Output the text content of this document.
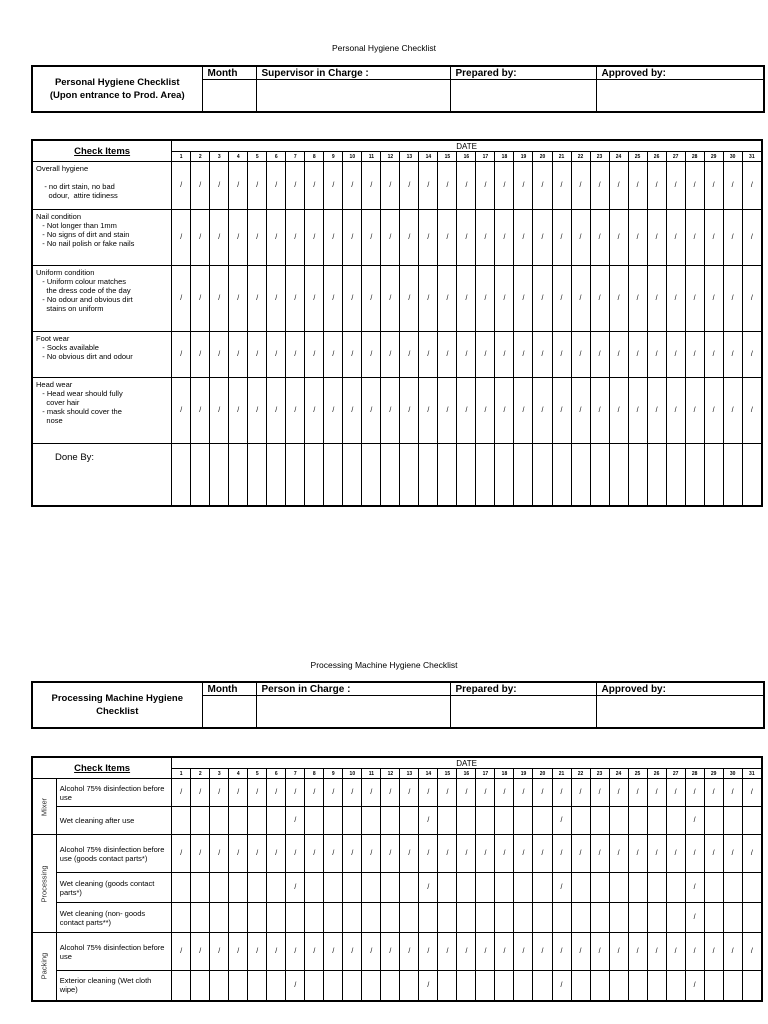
Personal Hygiene Checklist
Personal Hygiene Checklist
(Upon entrance to Prod. Area)	Month	Supervisor in Charge :	Prepared by:	Approved by:

Check Items	DATE																														
	1	2	3	4	5	6	7	8	9	10	11	12	13	14	15	16	17	18	19	20	21	22	23	24	25	26	27	28	29	30	31

Overall hygiene
- no dirt stain, no bad
odour,  attire tidiness	/	/	/	/	/	/	/	/	/	/	/	/	/	/	/	/	/	/	/	/	/	/	/	/	/	/	/	/	/	/	/

Nail condition
- Not longer than 1mm
- No signs of dirt and stain
- No nail polish or fake nails	/	/	/	/	/	/	/	/	/	/	/	/	/	/	/	/	/	/	/	/	/	/	/	/	/	/	/	/	/	/	/

Uniform condition
- Uniform colour matches
the dress code of the day
- No odour and obvious dirt
stains on uniform	/	/	/	/	/	/	/	/	/	/	/	/	/	/	/	/	/	/	/	/	/	/	/	/	/	/	/	/	/	/	/

Foot wear
- Socks available
- No obvious dirt and odour	/	/	/	/	/	/	/	/	/	/	/	/	/	/	/	/	/	/	/	/	/	/	/	/	/	/	/	/	/	/	/

Head wear
- Head wear should fully
cover hair
- mask should cover the
nose	/	/	/	/	/	/	/	/	/	/	/	/	/	/	/	/	/	/	/	/	/	/	/	/	/	/	/	/	/	/	/
Done By:																															
Processing Machine Hygiene Checklist
Processing Machine Hygiene
Checklist	Month	Person in Charge :	Prepared by:	Approved by:

Check Items		DATE																														
		1	2	3	4	5	6	7	8	9	10	11	12	13	14	15	16	17	18	19	20	21	22	23	24	25	26	27	28	29	30	31

Mixer	Alcohol 75% disinfection before use	/	/	/	/	/	/	/	/	/	/	/	/	/	/	/	/	/	/	/	/	/	/	/	/	/	/	/	/	/	/	/
	Wet cleaning after use							/							/							/							/			

Processing	Alcohol 75% disinfection before use (goods contact parts*)	/	/	/	/	/	/	/	/	/	/	/	/	/	/	/	/	/	/	/	/	/	/	/	/	/	/	/	/	/	/	/
	Wet cleaning (goods contact parts*)							/							/							/							/			
	Wet cleaning (non- goods contact parts**)																												/			

Packing	Alcohol 75% disinfection before use	/	/	/	/	/	/	/	/	/	/	/	/	/	/	/	/	/	/	/	/	/	/	/	/	/	/	/	/	/	/	/
	Exterior cleaning (Wet cloth wipe)							/							/							/							/			
